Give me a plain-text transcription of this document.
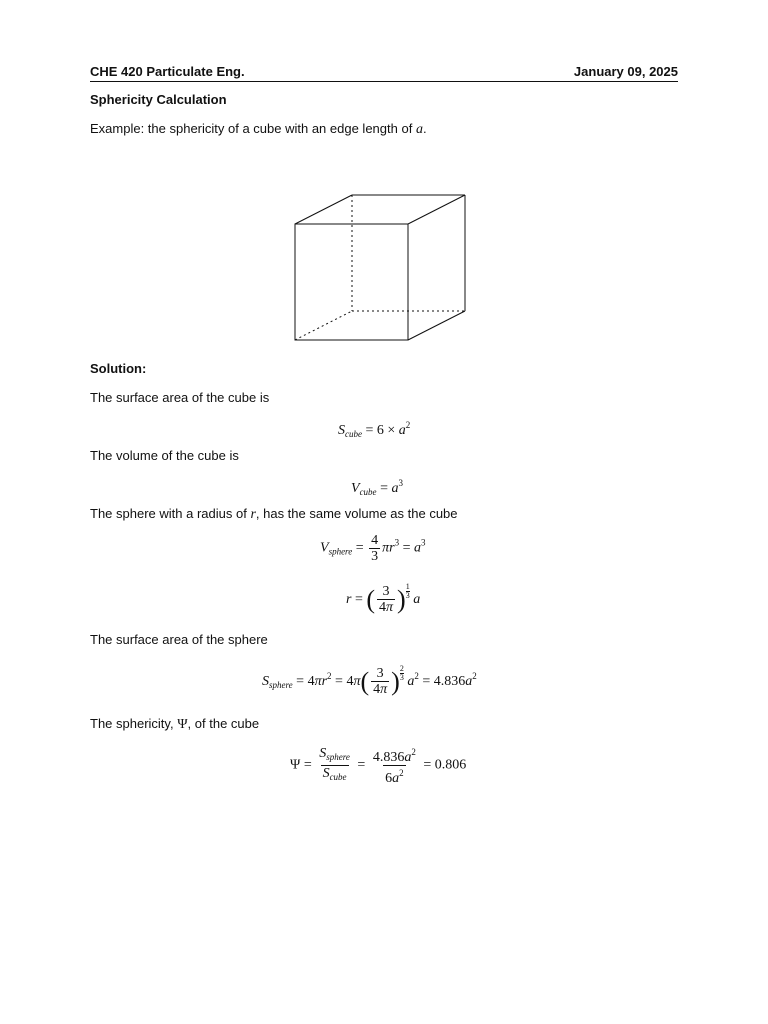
CHE 420 Particulate Eng.	January 09, 2025
Sphericity Calculation
Example: the sphericity of a cube with an edge length of a.
Solution:
The surface area of the cube is
$S_{cube} = 6 \times a^2$
The volume of the cube is
$V_{cube} = a^3$
The sphere with a radius of r, has the same volume as the cube
$V_{sphere} = \frac{4}{3} \pi r^3 = a^3$
r = ( $\frac{3}{4\pi}$ ) $\frac{1}{3}$ a
The surface area of the sphere
$S_{sphere} = 4\pi r^2 = 4\pi( \frac{3}{4\pi}$ ) $\frac{2}{3} a^2 = 4.836a^2$
The sphericity, Ψ, of the cube
$\Psi = \frac{S_{sphere}}{S_{cube}} = \frac{4.836a^2}{6a^2} = 0.806$
